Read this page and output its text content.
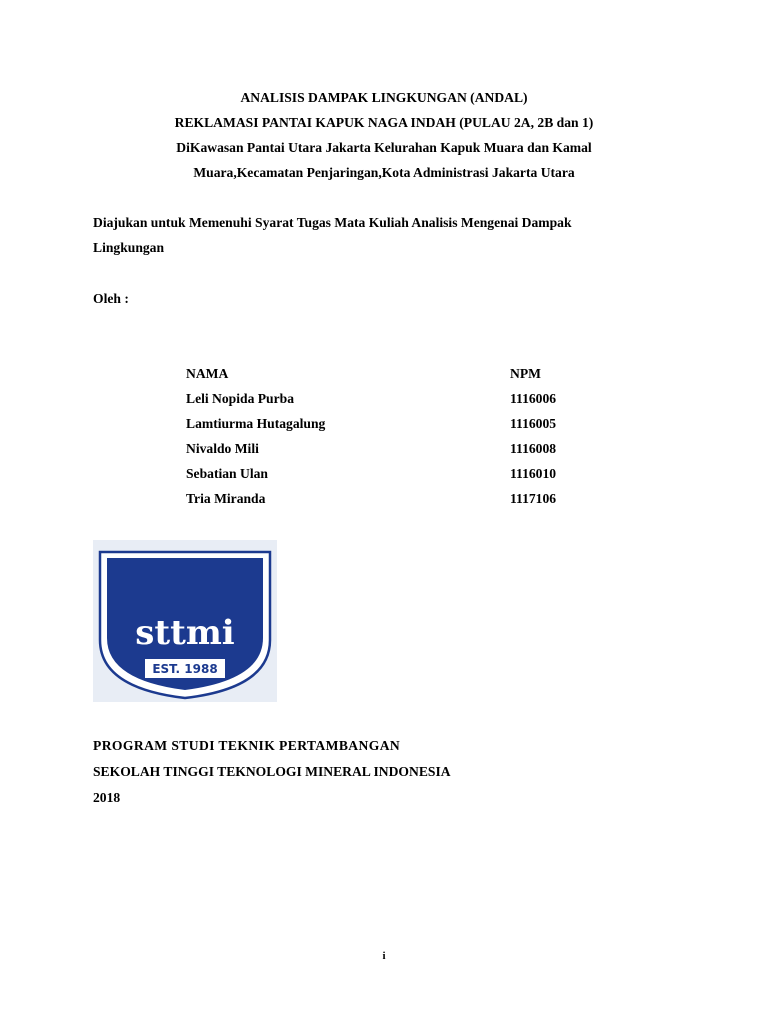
ANALISIS DAMPAK LINGKUNGAN (ANDAL)
REKLAMASI PANTAI KAPUK NAGA INDAH (PULAU 2A, 2B dan 1)
DiKawasan Pantai Utara Jakarta Kelurahan Kapuk Muara dan Kamal
Muara,Kecamatan Penjaringan,Kota Administrasi Jakarta Utara
Diajukan untuk Memenuhi Syarat Tugas Mata Kuliah Analisis Mengenai Dampak
Lingkungan
Oleh :
NAMA	NPM
Leli Nopida Purba	1116006
Lamtiurma Hutagalung	1116005
Nivaldo Mili	1116008
Sebatian Ulan	1116010
Tria Miranda	1117106
sttmi
EST. 1988
PROGRAM STUDI TEKNIK PERTAMBANGAN
SEKOLAH TINGGI TEKNOLOGI MINERAL INDONESIA
2018
i
